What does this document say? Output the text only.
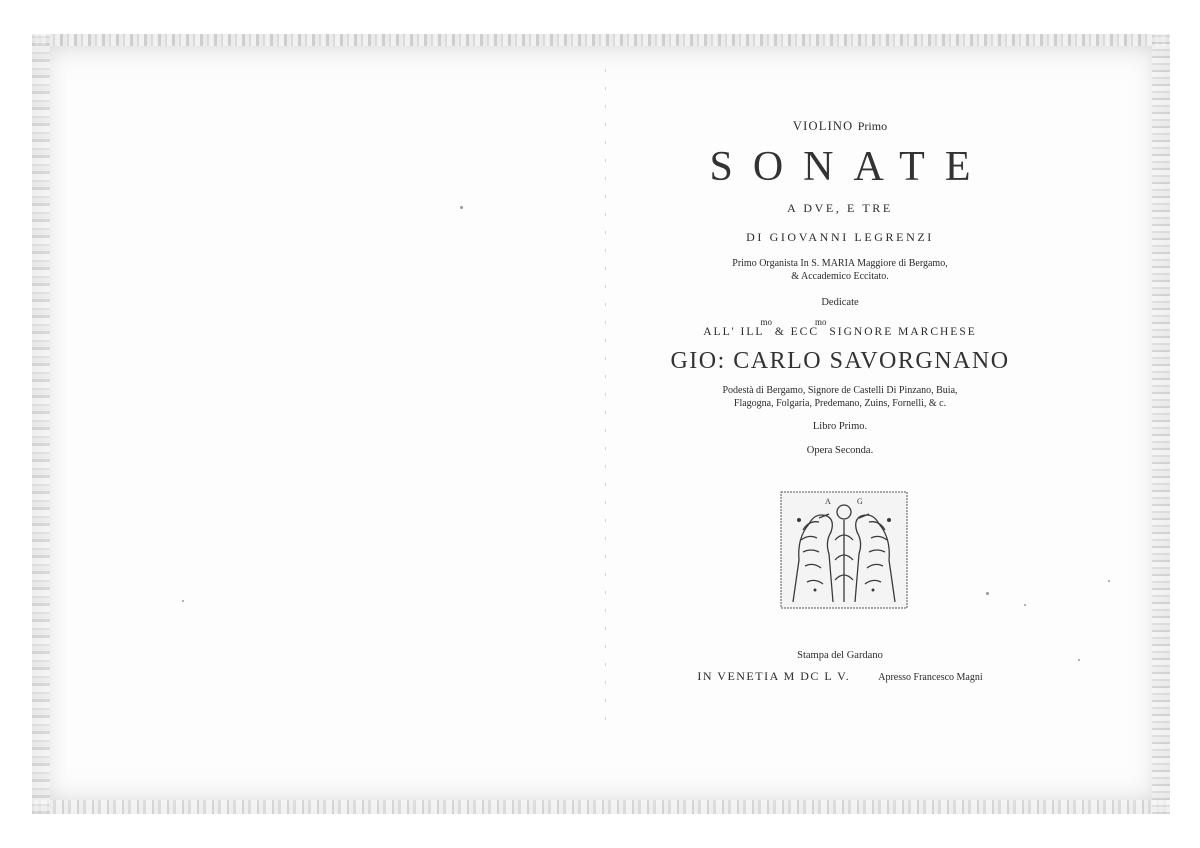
VIOLINO Primo
SONATE
A DVE, E TRE
DI GIOVANNI LEGRENZI
Primo Organista In S. MARIA Maggiore di Bergamo,
& Accademico Eccitato.
Dedicate
ALL' $ILL^{mo}$ & $ECC^{mo}$ SIGNORE MARCHESE
GIO: CARLO SAVORGNANO
Podestà di Bergamo, Signore de Castelli Di Pinzano, Buia,
Flagogna, Folgaria, Predemano, Zuins, Fornelli, & c.
Libro Primo.
Opera Seconda.
A	G
Stampa del Gardano
IN VENETIA M DC L V.	Apresso Francesco Magni
